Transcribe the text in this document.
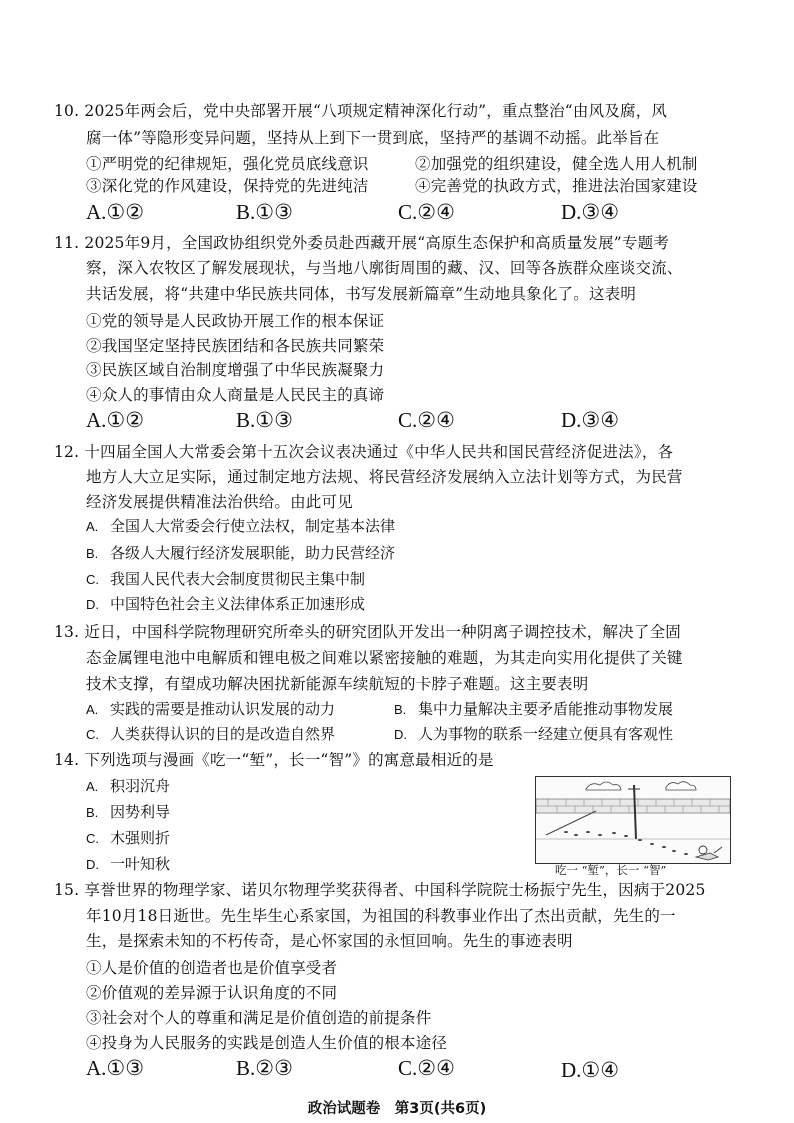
10. 2025年两会后，党中央部署开展“八项规定精神深化行动”，重点整治“由风及腐，风
腐一体”等隐形变异问题，坚持从上到下一贯到底，坚持严的基调不动摇。此举旨在
①严明党的纪律规矩，强化党员底线意识	②加强党的组织建设，健全选人用人机制
③深化党的作风建设，保持党的先进纯洁	④完善党的执政方式，推进法治国家建设
A.①②	B.①③	C.②④	D.③④
11. 2025年9月，全国政协组织党外委员赴西藏开展“高原生态保护和高质量发展”专题考
察，深入农牧区了解发展现状，与当地八廓街周围的藏、汉、回等各族群众座谈交流、
共话发展，将“共建中华民族共同体，书写发展新篇章”生动地具象化了。这表明
①党的领导是人民政协开展工作的根本保证
②我国坚定坚持民族团结和各民族共同繁荣
③民族区域自治制度增强了中华民族凝聚力
④众人的事情由众人商量是人民民主的真谛
A.①②	B.①③	C.②④	D.③④
12. 十四届全国人大常委会第十五次会议表决通过《中华人民共和国民营经济促进法》，各
地方人大立足实际，通过制定地方法规、将民营经济发展纳入立法计划等方式，为民营
经济发展提供精准法治供给。由此可见
A. 全国人大常委会行使立法权，制定基本法律
B. 各级人大履行经济发展职能，助力民营经济
C. 我国人民代表大会制度贯彻民主集中制
D. 中国特色社会主义法律体系正加速形成
13. 近日，中国科学院物理研究所牵头的研究团队开发出一种阴离子调控技术，解决了全固
态金属锂电池中电解质和锂电极之间难以紧密接触的难题，为其走向实用化提供了关键
技术支撑，有望成功解决困扰新能源车续航短的卡脖子难题。这主要表明
A. 实践的需要是推动认识发展的动力	B. 集中力量解决主要矛盾能推动事物发展
C. 人类获得认识的目的是改造自然界	D. 人为事物的联系一经建立便具有客观性
14. 下列选项与漫画《吃一“堑”，长一“智”》的寓意最相近的是
A. 积羽沉舟
B. 因势利导
C. 木强则折
D. 一叶知秋	吃一 “堑”，长一 “智”
15. 享誉世界的物理学家、诺贝尔物理学奖获得者、中国科学院院士杨振宁先生，因病于2025
年10月18日逝世。先生毕生心系家国，为祖国的科教事业作出了杰出贡献，先生的一
生，是探索未知的不朽传奇，是心怀家国的永恒回响。先生的事迹表明
①人是价值的创造者也是价值享受者
②价值观的差异源于认识角度的不同
③社会对个人的尊重和满足是价值创造的前提条件
④投身为人民服务的实践是创造人生价值的根本途径
A.①③	B.②③	C.②④	D.①④
政治试题卷　第3页(共6页)
